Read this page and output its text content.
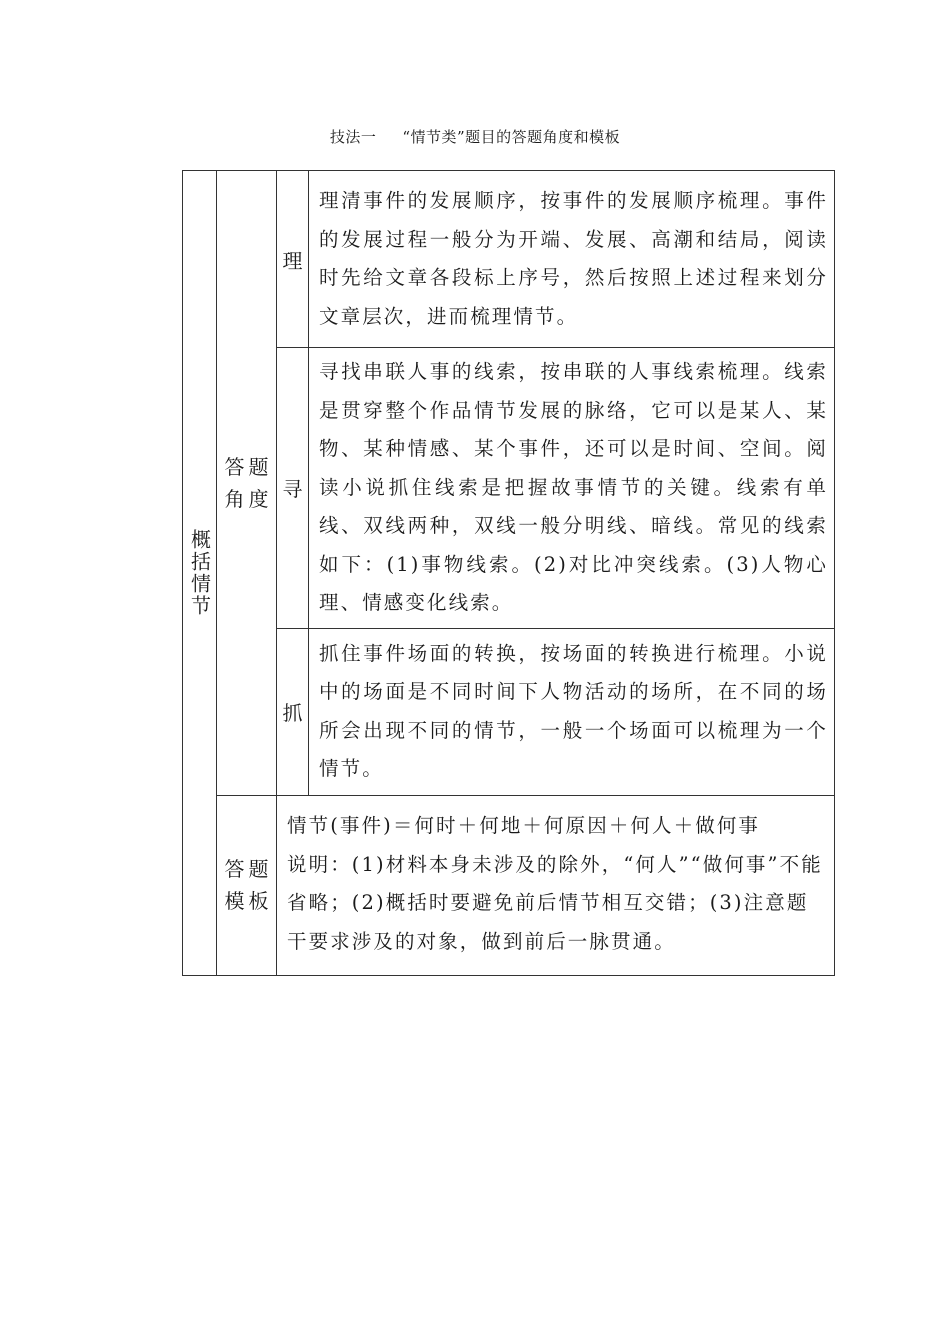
技法一 “情节类”题目的答题角度和模板
概括情节	答题角度	理	理清事件的发展顺序，按事件的发展顺序梳理。事件的发展过程一般分为开端、发展、高潮和结局，阅读时先给文章各段标上序号，然后按照上述过程来划分文章层次，进而梳理情节。

		寻	寻找串联人事的线索，按串联的人事线索梳理。线索是贯穿整个作品情节发展的脉络，它可以是某人、某物、某种情感、某个事件，还可以是时间、空间。阅读小说抓住线索是把握故事情节的关键。线索有单线、双线两种，双线一般分明线、暗线。常见的线索如下：(1)事物线索。(2)对比冲突线索。(3)人物心理、情感变化线索。

		抓	抓住事件场面的转换，按场面的转换进行梳理。小说中的场面是不同时间下人物活动的场所，在不同的场所会出现不同的情节，一般一个场面可以梳理为一个情节。

	答题模板	情节(事件)＝何时＋何地＋何原因＋何人＋做何事

说明：(1)材料本身未涉及的除外，“何人”“做何事”不能省略；(2)概括时要避免前后情节相互交错；(3)注意题干要求涉及的对象，做到前后一脉贯通。	
